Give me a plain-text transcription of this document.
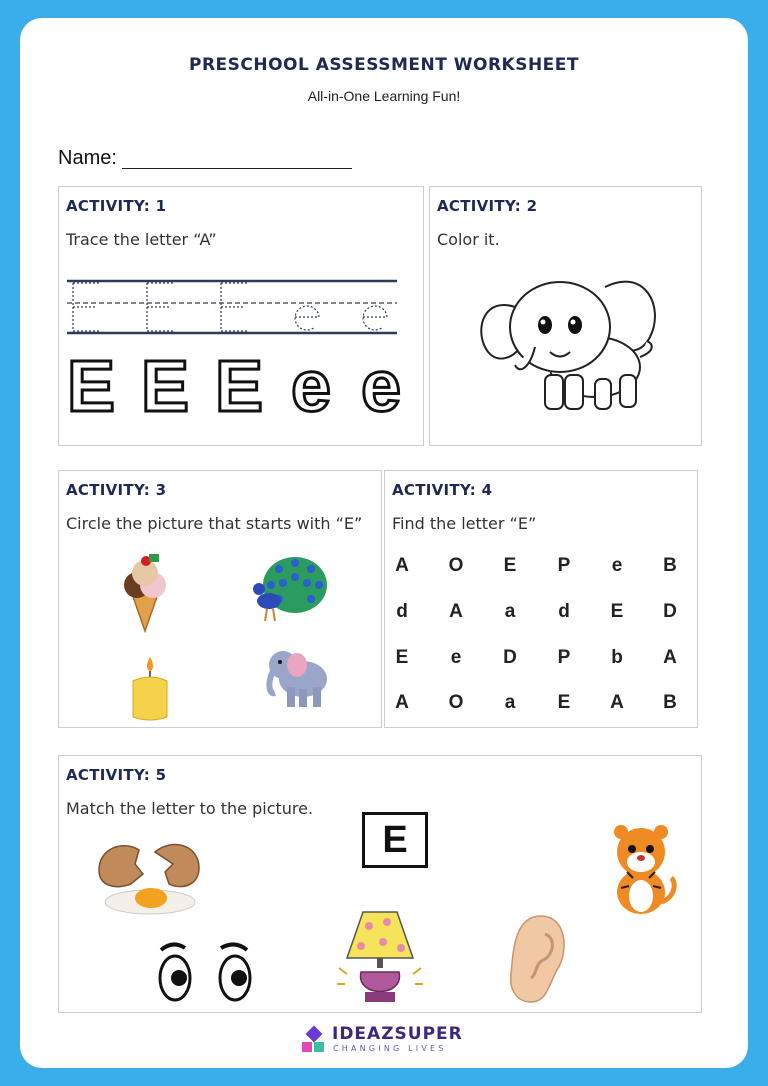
PRESCHOOL ASSESSMENT WORKSHEET
All-in-One Learning Fun!
Name:
ACTIVITY: 1
Trace the letter “A”
E E E e e
ACTIVITY: 2
Color it.
ACTIVITY: 3
Circle the picture that starts with “E”
ACTIVITY: 4
Find the letter “E”
A	O	E	P	e	B
d	A	a	d	E	D
E	e	D	P	b	A
A	O	a	E	A	B
ACTIVITY: 5
Match the letter to the picture.
E
IDEAZSUPER
CHANGING LIVES
